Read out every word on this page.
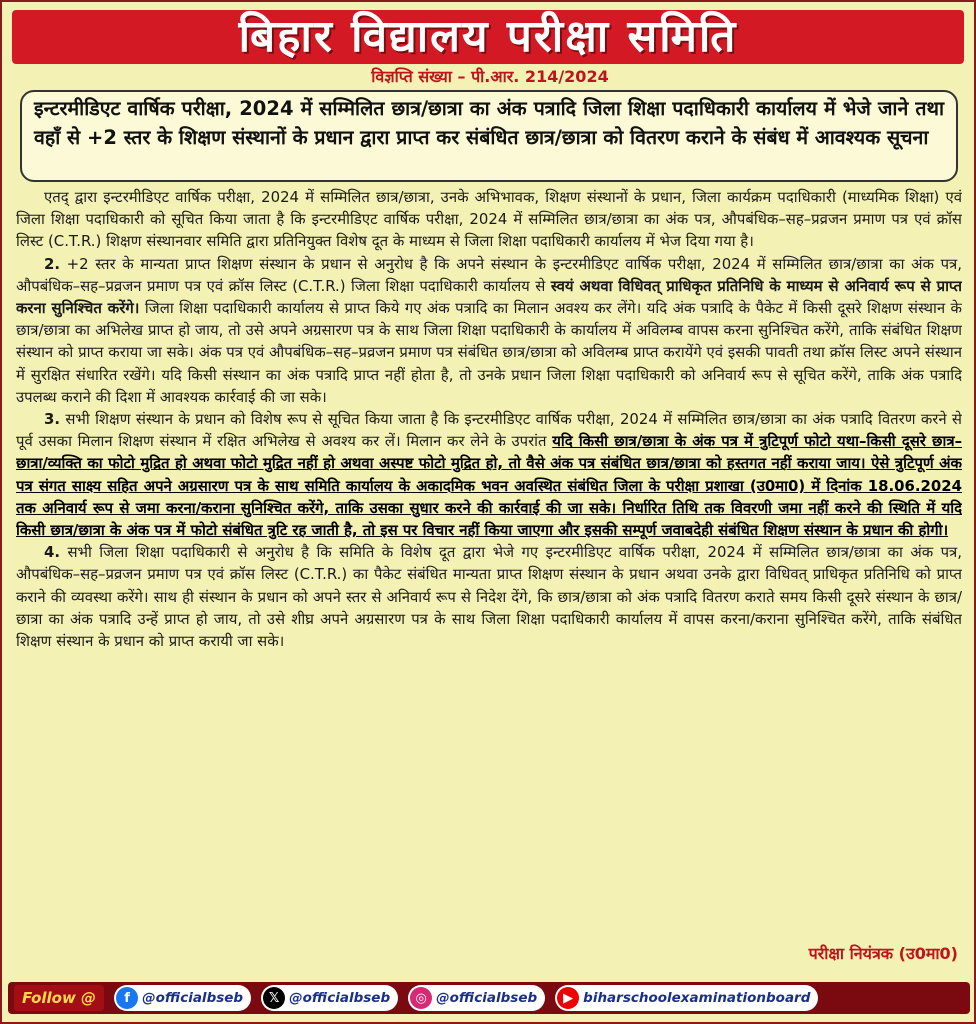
बिहार विद्यालय परीक्षा समिति
विज्ञप्ति संख्या – पी.आर. 214/2024
इन्टरमीडिएट वार्षिक परीक्षा, 2024 में सम्मिलित छात्र/छात्रा का अंक पत्रादि जिला शिक्षा पदाधिकारी कार्यालय में भेजे जाने तथा वहाँ से +2 स्तर के शिक्षण संस्थानों के प्रधान द्वारा प्राप्त कर संबंधित छात्र/छात्रा को वितरण कराने के संबंध में आवश्यक सूचना

एतद् द्वारा इन्टरमीडिएट वार्षिक परीक्षा, 2024 में सम्मिलित छात्र/छात्रा, उनके अभिभावक, शिक्षण संस्थानों के प्रधान, जिला कार्यक्रम पदाधिकारी (माध्यमिक शिक्षा) एवं जिला शिक्षा पदाधिकारी को सूचित किया जाता है कि इन्टरमीडिएट वार्षिक परीक्षा, 2024 में सम्मिलित छात्र/छात्रा का अंक पत्र, औपबंधिक–सह–प्रव्रजन प्रमाण पत्र एवं क्रॉस लिस्ट (C.T.R.) शिक्षण संस्थानवार समिति द्वारा प्रतिनियुक्त विशेष दूत के माध्यम से जिला शिक्षा पदाधिकारी कार्यालय में भेज दिया गया है।

2. +2 स्तर के मान्यता प्राप्त शिक्षण संस्थान के प्रधान से अनुरोध है कि अपने संस्थान के इन्टरमीडिएट वार्षिक परीक्षा, 2024 में सम्मिलित छात्र/छात्रा का अंक पत्र, औपबंधिक–सह–प्रव्रजन प्रमाण पत्र एवं क्रॉस लिस्ट (C.T.R.) जिला शिक्षा पदाधिकारी कार्यालय से स्वयं अथवा विधिवत् प्राधिकृत प्रतिनिधि के माध्यम से अनिवार्य रूप से प्राप्त करना सुनिश्चित करेंगे। जिला शिक्षा पदाधिकारी कार्यालय से प्राप्त किये गए अंक पत्रादि का मिलान अवश्य कर लेंगे। यदि अंक पत्रादि के पैकेट में किसी दूसरे शिक्षण संस्थान के छात्र/छात्रा का अभिलेख प्राप्त हो जाय, तो उसे अपने अग्रसारण पत्र के साथ जिला शिक्षा पदाधिकारी के कार्यालय में अविलम्ब वापस करना सुनिश्चित करेंगे, ताकि संबंधित शिक्षण संस्थान को प्राप्त कराया जा सके। अंक पत्र एवं औपबंधिक–सह–प्रव्रजन प्रमाण पत्र संबंधित छात्र/छात्रा को अविलम्ब प्राप्त करायेंगे एवं इसकी पावती तथा क्रॉस लिस्ट अपने संस्थान में सुरक्षित संधारित रखेंगे। यदि किसी संस्थान का अंक पत्रादि प्राप्त नहीं होता है, तो उनके प्रधान जिला शिक्षा पदाधिकारी को अनिवार्य रूप से सूचित करेंगे, ताकि अंक पत्रादि उपलब्ध कराने की दिशा में आवश्यक कार्रवाई की जा सके।

3. सभी शिक्षण संस्थान के प्रधान को विशेष रूप से सूचित किया जाता है कि इन्टरमीडिएट वार्षिक परीक्षा, 2024 में सम्मिलित छात्र/छात्रा का अंक पत्रादि वितरण करने से पूर्व उसका मिलान शिक्षण संस्थान में रक्षित अभिलेख से अवश्य कर लें। मिलान कर लेने के उपरांत यदि किसी छात्र/छात्रा के अंक पत्र में त्रुटिपूर्ण फोटो यथा–किसी दूसरे छात्र–छात्रा/व्यक्ति का फोटो मुद्रित हो अथवा फोटो मुद्रित नहीं हो अथवा अस्पष्ट फोटो मुद्रित हो, तो वैसे अंक पत्र संबंधित छात्र/छात्रा को हस्तगत नहीं कराया जाय। ऐसे त्रुटिपूर्ण अंक पत्र संगत साक्ष्य सहित अपने अग्रसारण पत्र के साथ समिति कार्यालय के अकादमिक भवन अवस्थित संबंधित जिला के परीक्षा प्रशाखा (उ0मा0) में दिनांक 18.06.2024 तक अनिवार्य रूप से जमा करना/कराना सुनिश्चित करेंगे, ताकि उसका सुधार करने की कार्रवाई की जा सके। निर्धारित तिथि तक विवरणी जमा नहीं करने की स्थिति में यदि किसी छात्र/छात्रा के अंक पत्र में फोटो संबंधित त्रुटि रह जाती है, तो इस पर विचार नहीं किया जाएगा और इसकी सम्पूर्ण जवाबदेही संबंधित शिक्षण संस्थान के प्रधान की होगी।

4. सभी जिला शिक्षा पदाधिकारी से अनुरोध है कि समिति के विशेष दूत द्वारा भेजे गए इन्टरमीडिएट वार्षिक परीक्षा, 2024 में सम्मिलित छात्र/छात्रा का अंक पत्र, औपबंधिक–सह–प्रव्रजन प्रमाण पत्र एवं क्रॉस लिस्ट (C.T.R.) का पैकेट संबंधित मान्यता प्राप्त शिक्षण संस्थान के प्रधान अथवा उनके द्वारा विधिवत् प्राधिकृत प्रतिनिधि को प्राप्त कराने की व्यवस्था करेंगे। साथ ही संस्थान के प्रधान को अपने स्तर से अनिवार्य रूप से निदेश देंगे, कि छात्र/छात्रा को अंक पत्रादि वितरण कराते समय किसी दूसरे संस्थान के छात्र/छात्रा का अंक पत्रादि उन्हें प्राप्त हो जाय, तो उसे शीघ्र अपने अग्रसारण पत्र के साथ जिला शिक्षा पदाधिकारी कार्यालय में वापस करना/कराना सुनिश्चित करेंगे, ताकि संबंधित शिक्षण संस्थान के प्रधान को प्राप्त करायी जा सके।

परीक्षा नियंत्रक (उ0मा0)
Follow @	f @officialbseb	𝕏 @officialbseb	◎ @officialbseb	▶ biharschoolexaminationboard
